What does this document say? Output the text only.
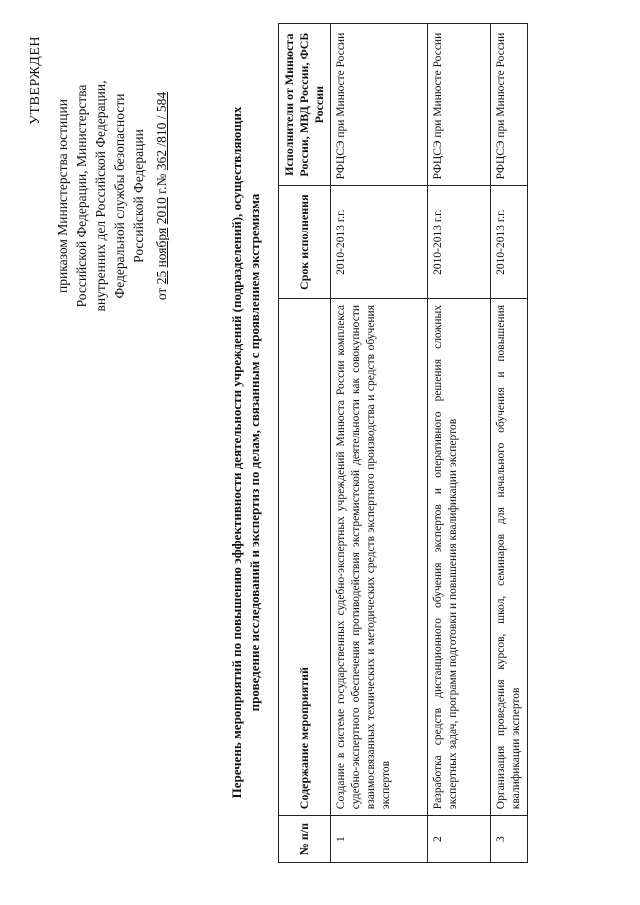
УТВЕРЖДЕН
приказом Министерства юстиции Российской Федерации, Министерства внутренних дел Российской Федерации, Федеральной службы безопасности Российской Федерации
от 25 ноября 2010 г.№ 362 /810 / 584	Перечень мероприятий по повышению эффективности деятельности учреждений (подразделений), осуществляющих проведение исследований и экспертиз по делам, связанным с проявлением экстремизма
№ п/п	Содержание мероприятий	Срок исполнения	Исполнители от Минюста России, МВД России, ФСБ России
1	Создание в системе государственных судебно-экспертных учреждений Минюста России комплекса судебно-экспертного обеспечения противодействия экстремистской деятельности как совокупности взаимосвязанных технических и методических средств экспертного производства и средств обучения экспертов	2010-2013 г.г.	РФЦСЭ при Минюсте России
2	Разработка средств дистанционного обучения экспертов и оперативного решения сложных экспертных задач, программ подготовки и повышения квалификации экспертов	2010-2013 г.г.	РФЦСЭ при Минюсте России
3	Организация проведения курсов, школ, семинаров для начального обучения и повышения квалификации экспертов	2010-2013 г.г.	РФЦСЭ при Минюсте России
